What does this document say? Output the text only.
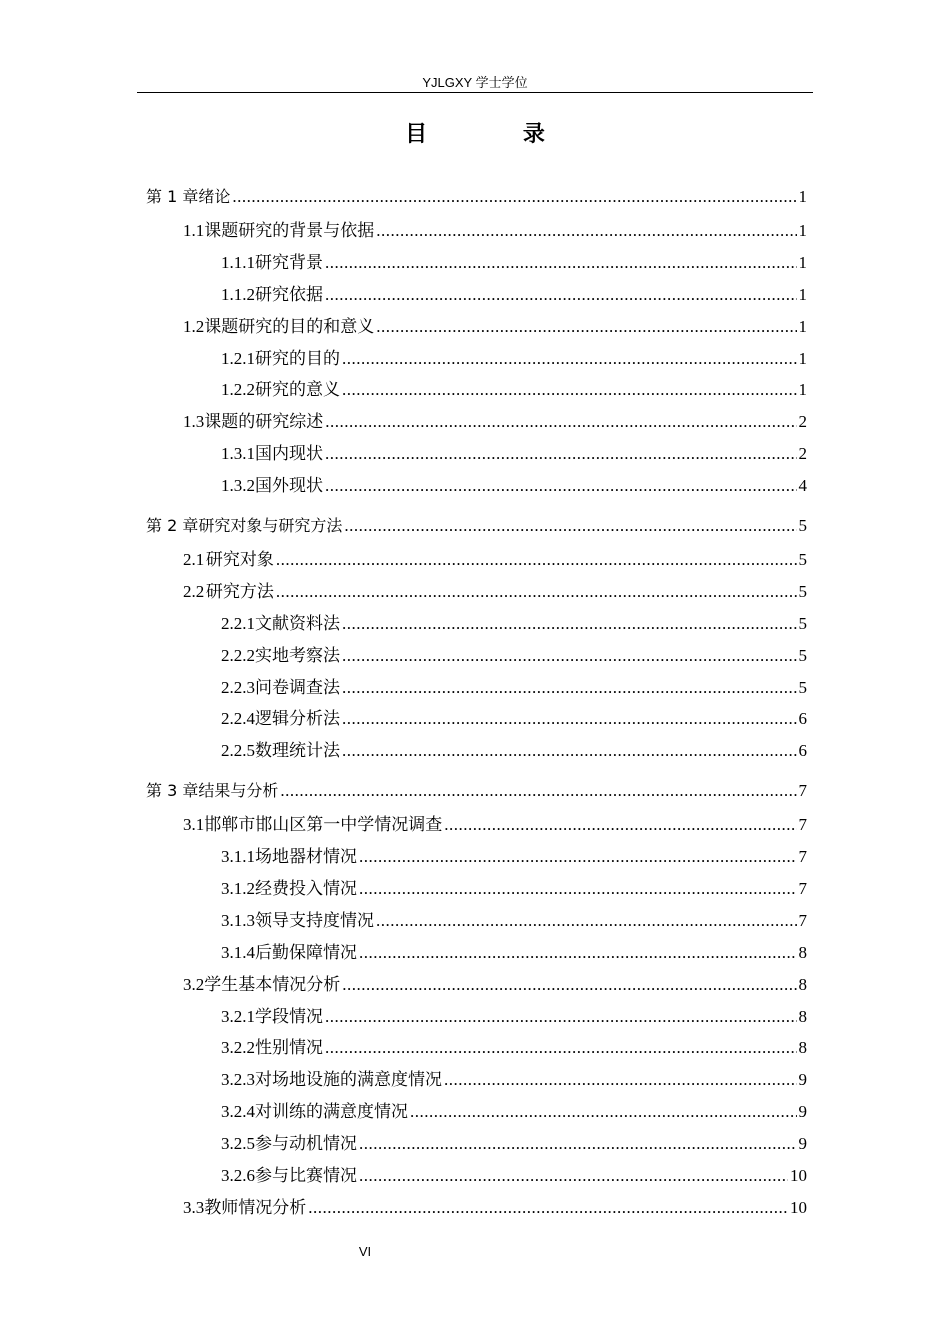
YJLGXY 学士学位
目 录
第 1 章 绪论 .....	1
1.1 课题研究的背景与依据 .....	1
1.1.1 研究背景 .....	1
1.1.2 研究依据 .....	1
1.2 课题研究的目的和意义 .....	1
1.2.1 研究的目的 .....	1
1.2.2 研究的意义 .....	1
1.3 课题的研究综述 .....	2
1.3.1 国内现状 .....	2
1.3.2 国外现状 .....	4
第 2 章 研究对象与研究方法 .....	5
2.1 研究对象 .....	5
2.2 研究方法 .....	5
2.2.1 文献资料法 .....	5
2.2.2 实地考察法 .....	5
2.2.3 问卷调查法 .....	5
2.2.4 逻辑分析法 .....	6
2.2.5 数理统计法 .....	6
第 3 章 结果与分析 .....	7
3.1 邯郸市邯山区第一中学情况调查 .....	7
3.1.1 场地器材情况 .....	7
3.1.2 经费投入情况 .....	7
3.1.3 领导支持度情况 .....	7
3.1.4 后勤保障情况 .....	8
3.2 学生基本情况分析 .....	8
3.2.1 学段情况 .....	8
3.2.2 性别情况 .....	8
3.2.3 对场地设施的满意度情况 .....	9
3.2.4 对训练的满意度情况 .....	9
3.2.5 参与动机情况 .....	9
3.2.6 参与比赛情况 .....	10
3.3 教师情况分析 .....	10
VI
